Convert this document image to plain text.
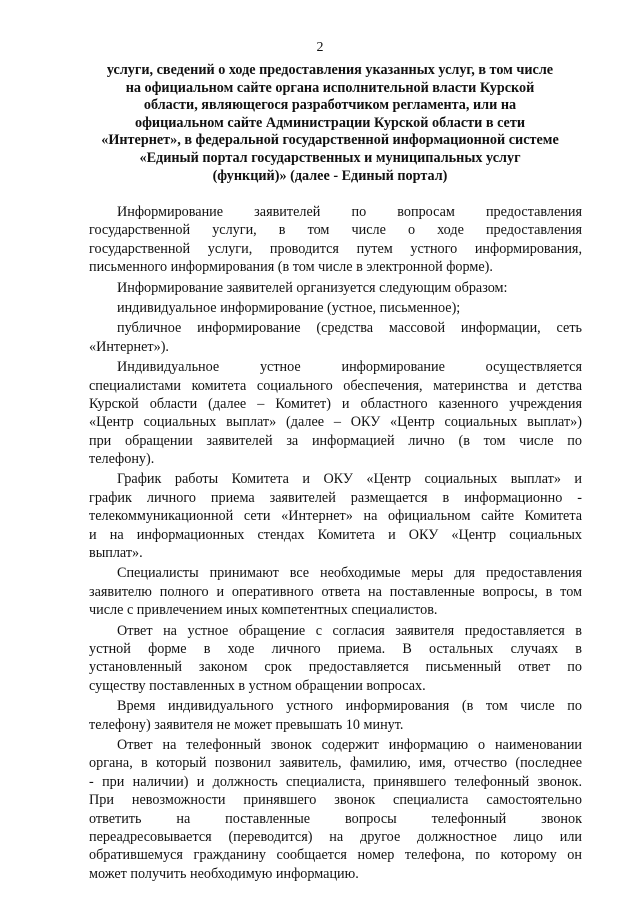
2
услуги, сведений о ходе предоставления указанных услуг, в том числе
на официальном сайте органа исполнительной власти Курской
области, являющегося разработчиком регламента, или на
официальном сайте Администрации Курской области в сети
«Интернет», в федеральной государственной информационной системе
«Единый портал государственных и муниципальных услуг
(функций)» (далее - Единый портал)
Информирование заявителей по вопросам предоставления
государственной услуги, в том числе о ходе предоставления
государственной услуги, проводится путем устного информирования,
письменного информирования (в том числе в электронной форме).
Информирование заявителей организуется следующим образом:
индивидуальное информирование (устное, письменное);
публичное информирование (средства массовой информации, сеть
«Интернет»).
Индивидуальное устное информирование осуществляется
специалистами комитета социального обеспечения, материнства и детства
Курской области (далее – Комитет) и областного казенного учреждения
«Центр социальных выплат» (далее – ОКУ «Центр социальных выплат»)
при обращении заявителей за информацией лично (в том числе по
телефону).
График работы Комитета и ОКУ «Центр социальных выплат» и
график личного приема заявителей размещается в информационно -
телекоммуникационной сети «Интернет» на официальном сайте Комитета
и на информационных стендах Комитета и ОКУ «Центр социальных
выплат».
Специалисты принимают все необходимые меры для предоставления
заявителю полного и оперативного ответа на поставленные вопросы, в том
числе с привлечением иных компетентных специалистов.
Ответ на устное обращение с согласия заявителя предоставляется в
устной форме в ходе личного приема. В остальных случаях в
установленный законом срок предоставляется письменный ответ по
существу поставленных в устном обращении вопросах.
Время индивидуального устного информирования (в том числе по
телефону) заявителя не может превышать 10 минут.
Ответ на телефонный звонок содержит информацию о наименовании
органа, в который позвонил заявитель, фамилию, имя, отчество (последнее
- при наличии) и должность специалиста, принявшего телефонный звонок.
При невозможности принявшего звонок специалиста самостоятельно
ответить на поставленные вопросы телефонный звонок
переадресовывается (переводится) на другое должностное лицо или
обратившемуся гражданину сообщается номер телефона, по которому он
может получить необходимую информацию.
